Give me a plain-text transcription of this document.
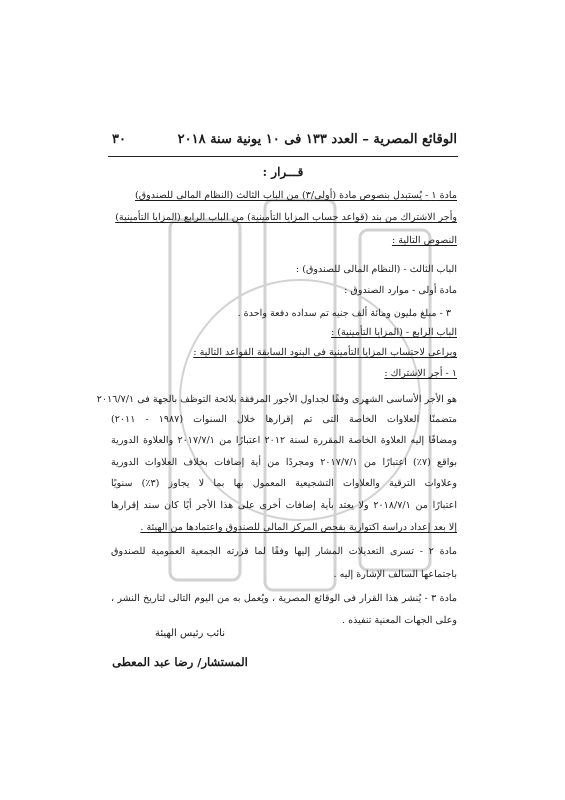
الوقائع المصرية – العدد ١٣٣ فى ١٠ يونية سنة ٢٠١٨
٣٠
قـــرار :
مادة ١ - يُستبدل بنصوص مادة (أولى/٣) من الباب الثالث (النظام المالى للصندوق)
وأجر الاشتراك من بند (قواعد حساب المزايا التأمينية) من الباب الرابع (المزايا التأمينية)
النصوص التالية :
الباب الثالث - (النظام المالى للصندوق) :
مادة أولى - موارد الصندوق :
٣ - مبلغ مليون ومائة ألف جنيه تم سداده دفعة واحدة .
الباب الرابع - (المزايا التأمينية) :
ويراعى لاحتساب المزايا التأمينية فى البنود السابقة القواعد التالية :
١ - أجر الاشتراك :
هو الأجر الأساسى الشهرى وفقًا لجداول الأجور المرفقة بلائحة التوظف بالجهة فى ٢٠١٦/٧/١
متضمنًا العلاوات الخاصة التى تم إقرارها خلال السنوات (١٩٨٧ - ٢٠١١)
ومضافًا إليه العلاوة الخاصة المقررة لسنة ٢٠١٢ اعتبارًا من ٢٠١٧/٧/١ والعلاوة الدورية
بواقع (٧٪) اعتبارًا من ٢٠١٧/٧/١ ومجردًا من أية إضافات بخلاف العلاوات الدورية
وعلاوات الترقية والعلاوات التشجيعية المعمول بها بما لا يجاوز (٣٪) سنويًا
اعتبارًا من ٢٠١٨/٧/١ ولا يعتد بأية إضافات أخرى على هذا الأجر أيًا كان سند إقرارها
إلا بعد إعداد دراسة اكتوارية بفحص المركز المالى للصندوق واعتمادها من الهيئة .
مادة ٢ - تسرى التعديلات المشار إليها وفقًا لما قررته الجمعية العمومية للصندوق
باجتماعها السالف الإشارة إليه .
مادة ٣ - يُنشر هذا القرار فى الوقائع المصرية ، ويُعمل به من اليوم التالى لتاريخ النشر ،
وعلى الجهات المعنية تنفيذه .
نائب رئيس الهيئة
المستشار/ رضا عبد المعطى
